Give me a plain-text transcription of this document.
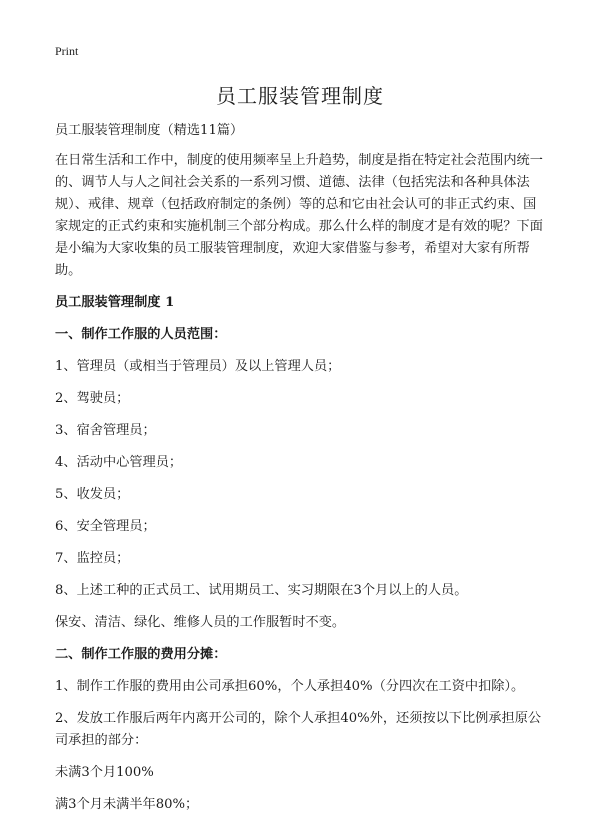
Print
员工服装管理制度

员工服装管理制度（精选11篇）

在日常生活和工作中，制度的使用频率呈上升趋势，制度是指在特定社会范围内统一的、调节人与人之间社会关系的一系列习惯、道德、法律（包括宪法和各种具体法规）、戒律、规章（包括政府制定的条例）等的总和它由社会认可的非正式约束、国家规定的正式约束和实施机制三个部分构成。那么什么样的制度才是有效的呢？下面是小编为大家收集的员工服装管理制度，欢迎大家借鉴与参考，希望对大家有所帮助。

员工服装管理制度 1

一、制作工作服的人员范围：

1、管理员（或相当于管理员）及以上管理人员；

2、驾驶员；

3、宿舍管理员；

4、活动中心管理员；

5、收发员；

6、安全管理员；

7、监控员；

8、上述工种的正式员工、试用期员工、实习期限在3个月以上的人员。

保安、清洁、绿化、维修人员的工作服暂时不变。

二、制作工作服的费用分摊：

1、制作工作服的费用由公司承担60%，个人承担40%（分四次在工资中扣除）。

2、发放工作服后两年内离开公司的，除个人承担40%外，还须按以下比例承担原公司承担的部分：

未满3个月100%

满3个月未满半年80%；
